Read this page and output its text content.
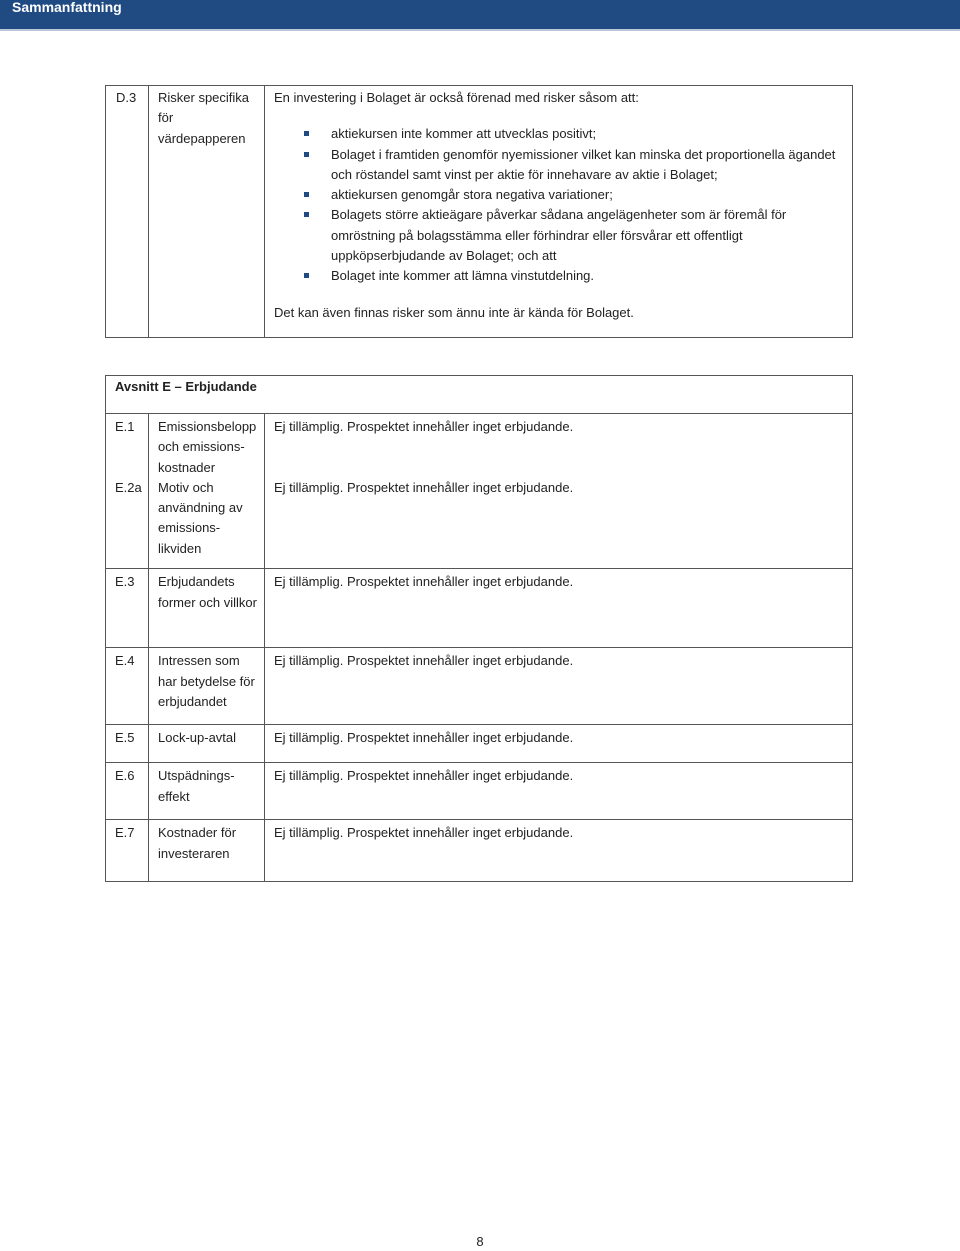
Sammanfattning
D.3	Risker specifika för värdepapperen	
En investering i Bolaget är också förenad med risker såsom att:
aktiekursen inte kommer att utvecklas positivt;
Bolaget i framtiden genomför nyemissioner vilket kan minska det proportionella ägandet och röstandel samt vinst per aktie för innehavare av aktie i Bolaget;
aktiekursen genomgår stora negativa variationer;
Bolagets större aktieägare påverkar sådana angelägenheter som är föremål för omröstning på bolagsstämma eller förhindrar eller försvårar ett offentligt uppköpserbjudande av Bolaget; och att
Bolaget inte kommer att lämna vinstutdelning.
Det kan även finnas risker som ännu inte är kända för Bolaget.
Avsnitt E – Erbjudande		
E.1	Emissionsbelopp och emissions-kostnader	Ej tillämplig. Prospektet innehåller inget erbjudande.
E.2a	Motiv och användning av emissions-likviden	Ej tillämplig. Prospektet innehåller inget erbjudande.
E.3	Erbjudandets former och villkor	Ej tillämplig. Prospektet innehåller inget erbjudande.
E.4	Intressen som har betydelse för erbjudandet	Ej tillämplig. Prospektet innehåller inget erbjudande.
E.5	Lock-up-avtal	Ej tillämplig. Prospektet innehåller inget erbjudande.
E.6	Utspädnings-effekt	Ej tillämplig. Prospektet innehåller inget erbjudande.
E.7	Kostnader för investeraren	Ej tillämplig. Prospektet innehåller inget erbjudande.
8
